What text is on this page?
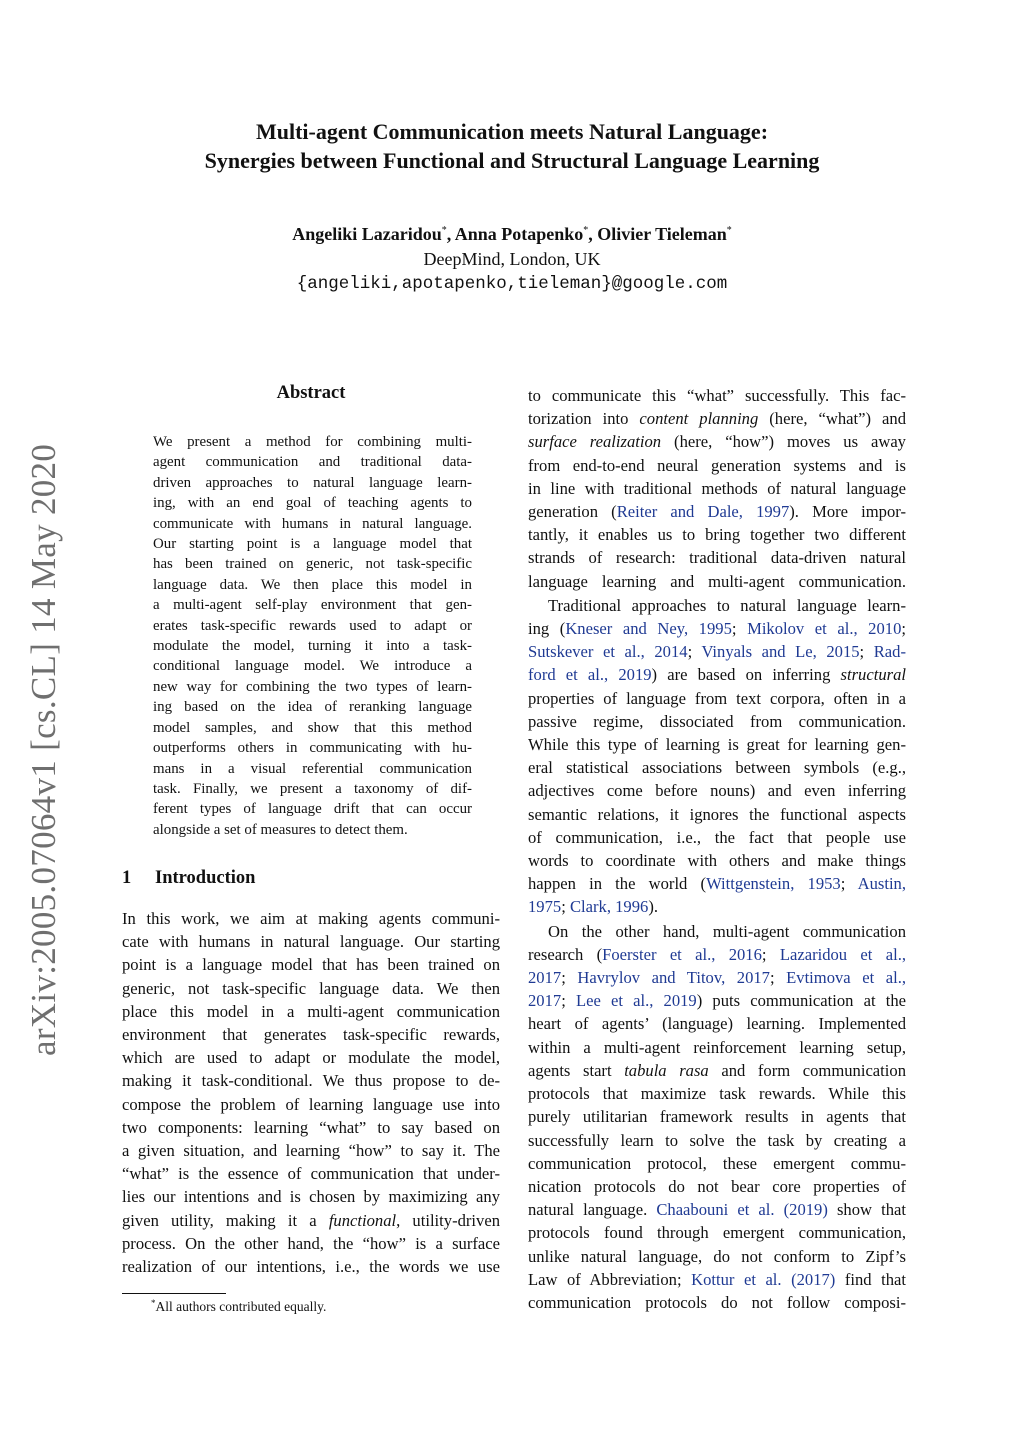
Multi-agent Communication meets Natural Language:
Synergies between Functional and Structural Language Learning
Angeliki Lazaridou*, Anna Potapenko*, Olivier Tieleman*
DeepMind, London, UK
{angeliki,apotapenko,tieleman}@google.com
arXiv:2005.07064v1 [cs.CL] 14 May 2020
Abstract
We present a method for combining multi-
agent communication and traditional data-
driven approaches to natural language learn-
ing, with an end goal of teaching agents to
communicate with humans in natural language.
Our starting point is a language model that
has been trained on generic, not task-specific
language data. We then place this model in
a multi-agent self-play environment that gen-
erates task-specific rewards used to adapt or
modulate the model, turning it into a task-
conditional language model. We introduce a
new way for combining the two types of learn-
ing based on the idea of reranking language
model samples, and show that this method
outperforms others in communicating with hu-
mans in a visual referential communication
task. Finally, we present a taxonomy of dif-
ferent types of language drift that can occur
alongside a set of measures to detect them.
1 Introduction
In this work, we aim at making agents communi-
cate with humans in natural language. Our starting
point is a language model that has been trained on
generic, not task-specific language data. We then
place this model in a multi-agent communication
environment that generates task-specific rewards,
which are used to adapt or modulate the model,
making it task-conditional. We thus propose to de-
compose the problem of learning language use into
two components: learning “what” to say based on
a given situation, and learning “how” to say it. The
“what” is the essence of communication that under-
lies our intentions and is chosen by maximizing any
given utility, making it a functional, utility-driven
process. On the other hand, the “how” is a surface
realization of our intentions, i.e., the words we use
*All authors contributed equally.
to communicate this “what” successfully. This fac-
torization into content planning (here, “what”) and
surface realization (here, “how”) moves us away
from end-to-end neural generation systems and is
in line with traditional methods of natural language
generation (Reiter and Dale, 1997). More impor-
tantly, it enables us to bring together two different
strands of research: traditional data-driven natural
language learning and multi-agent communication.
Traditional approaches to natural language learn-
ing (Kneser and Ney, 1995; Mikolov et al., 2010;
Sutskever et al., 2014; Vinyals and Le, 2015; Rad-
ford et al., 2019) are based on inferring structural
properties of language from text corpora, often in a
passive regime, dissociated from communication.
While this type of learning is great for learning gen-
eral statistical associations between symbols (e.g.,
adjectives come before nouns) and even inferring
semantic relations, it ignores the functional aspects
of communication, i.e., the fact that people use
words to coordinate with others and make things
happen in the world (Wittgenstein, 1953; Austin,
1975; Clark, 1996).
On the other hand, multi-agent communication
research (Foerster et al., 2016; Lazaridou et al.,
2017; Havrylov and Titov, 2017; Evtimova et al.,
2017; Lee et al., 2019) puts communication at the
heart of agents’ (language) learning. Implemented
within a multi-agent reinforcement learning setup,
agents start tabula rasa and form communication
protocols that maximize task rewards. While this
purely utilitarian framework results in agents that
successfully learn to solve the task by creating a
communication protocol, these emergent commu-
nication protocols do not bear core properties of
natural language. Chaabouni et al. (2019) show that
protocols found through emergent communication,
unlike natural language, do not conform to Zipf’s
Law of Abbreviation; Kottur et al. (2017) find that
communication protocols do not follow composi-
